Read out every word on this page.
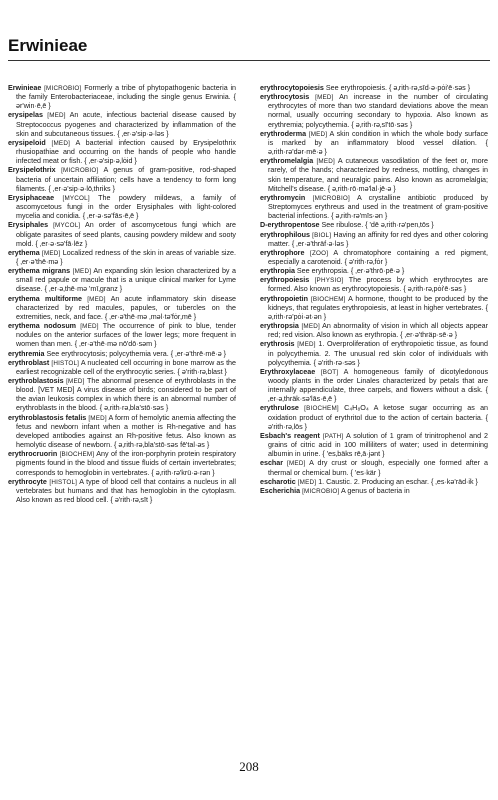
Erwinieae

Erwinieae [MICROBIO] Formerly a tribe of phytopathogenic bacteria in the family Enterobacteriaceae, including the single genus Erwinia. { ər'win·ē‚ē }

erysipelas [MED] An acute, infectious bacterial disease caused by Streptococcus pyogenes and characterized by inflammation of the skin and subcutaneous tissues. { ‚er·ə'sip·ə·ləs }

erysipeloid [MED] A bacterial infection caused by Erysipelothrix rhusiopathiae and occurring on the hands of people who handle infected meat or fish. { ‚er·ə'sip·ə‚lȯid }

Erysipelothrix [MICROBIO] A genus of gram-positive, rod-shaped bacteria of uncertain affiliation; cells have a tendency to form long filaments. { ‚er·ə'sip·ə·lō‚thriks }

Erysiphaceae [MYCOL] The powdery mildews, a family of ascomycetous fungi in the order Erysiphales with light-colored mycelia and conidia. { ‚er·ə·sə'fās·ē‚ē }

Erysiphales [MYCOL] An order of ascomycetous fungi which are obligate parasites of seed plants, causing powdery mildew and sooty mold. { ‚er·ə·sə'fā·lēz }

erythema [MED] Localized redness of the skin in areas of variable size. { ‚er·ə'thē·mə }

erythema migrans [MED] An expanding skin lesion characterized by a small red papule or macule that is a unique clinical marker for Lyme disease. { ‚er·ə‚thē·mə 'mī‚granz }

erythema multiforme [MED] An acute inflammatory skin disease characterized by red macules, papules, or tubercles on the extremities, neck, and face. { ‚er·ə'thē·mə ‚məl·tə'fȯr‚mē }

erythema nodosum [MED] The occurrence of pink to blue, tender nodules on the anterior surfaces of the lower legs; more frequent in women than men. { ‚er·ə'thē·mə nō'dō·səm }

erythremia See erythrocytosis; polycythemia vera. { ‚er·ə'thrē·mē·ə }

erythroblast [HISTOL] A nucleated cell occurring in bone marrow as the earliest recognizable cell of the erythrocytic series. { ə'rith·rə‚blast }

erythroblastosis [MED] The abnormal presence of erythroblasts in the blood. [VET MED] A virus disease of birds; considered to be part of the avian leukosis complex in which there is an abnormal number of erythroblasts in the blood. { ə‚rith·rə‚bla'stō·səs }

erythroblastosis fetalis [MED] A form of hemolytic anemia affecting the fetus and newborn infant when a mother is Rh-negative and has developed antibodies against an Rh-positive fetus. Also known as hemolytic disease of newborn. { ə‚rith·rə‚bla'stō·səs fē'tal·əs }

erythrocruorin [BIOCHEM] Any of the iron-porphyrin protein respiratory pigments found in the blood and tissue fluids of certain invertebrates; corresponds to hemoglobin in vertebrates. { ə‚rith·rə'krü·ə·rən }

erythrocyte [HISTOL] A type of blood cell that contains a nucleus in all vertebrates but humans and that has hemoglobin in the cytoplasm. Also known as red blood cell. { ə'rith·rə‚sīt }

erythrocytopoiesis See erythropoiesis. { ə‚rith·rə‚sīd·ə·pȯi'ē·səs }

erythrocytosis [MED] An increase in the number of circulating erythrocytes of more than two standard deviations above the mean normal, usually occurring secondary to hypoxia. Also known as erythremia; polycythemia. { ə‚rith·rə‚sī'tō·səs }

erythroderma [MED] A skin condition in which the whole body surface is marked by an inflammatory blood vessel dilation. { ə‚rith·rə'dər·mē·ə }

erythromelalgia [MED] A cutaneous vasodilation of the feet or, more rarely, of the hands; characterized by redness, mottling, changes in skin temperature, and neuralgic pains. Also known as acromelalgia; Mitchell's disease. { ə‚rith·rō·mə'lal·jē·ə }

erythromycin [MICROBIO] A crystalline antibiotic produced by Streptomyces erythreus and used in the treatment of gram-positive bacterial infections. { ə‚rith·rə'mīs·ən }

D-erythropentose See ribulose. { 'dē ə‚rith·rə'pen‚tōs }

erythrophilous [BIOL] Having an affinity for red dyes and other coloring matter. { ‚er·ə'thräf·ə·ləs }

erythrophore [ZOO] A chromatophore containing a red pigment, especially a carotenoid. { ə'rith·rə‚fȯr }

erythropia See erythropsia. { ‚er·ə'thrō·pē·ə }

erythropoiesis [PHYSIO] The process by which erythrocytes are formed. Also known as erythrocytopoiesis. { ə‚rith·rə‚pȯi'ē·səs }

erythropoietin [BIOCHEM] A hormone, thought to be produced by the kidneys, that regulates erythropoiesis, at least in higher vertebrates. { ə‚rith·rə'pȯi·ət·ən }

erythropsia [MED] An abnormality of vision in which all objects appear red; red vision. Also known as erythropia. { ‚er·ə'thräp·sē·ə }

erythrosis [MED] 1. Overproliferation of erythropoietic tissue, as found in polycythemia. 2. The unusual red skin color of individuals with polycythemia. { ə'rith·rə·səs }

Erythroxylaceae [BOT] A homogeneous family of dicotyledonous woody plants in the order Linales characterized by petals that are internally appendiculate, three carpels, and flowers without a disk. { ‚er·ə‚thräk·sə'lās·ē‚ē }

erythrulose [BIOCHEM] C₄H₈O₄ A ketose sugar occurring as an oxidation product of erythritol due to the action of certain bacteria. { ə'rith·rə‚lōs }

Esbach's reagent [PATH] A solution of 1 gram of trinitrophenol and 2 grains of citric acid in 100 milliliters of water; used in determining albumin in urine. { 'es‚bäks rē‚ā·jənt }

eschar [MED] A dry crust or slough, especially one formed after a thermal or chemical burn. { 'es·kär }

escharotic [MED] 1. Caustic. 2. Producing an eschar. { ‚es·kə'räd·ik }

Escherichia [MICROBIO] A genus of bacteria in

208
